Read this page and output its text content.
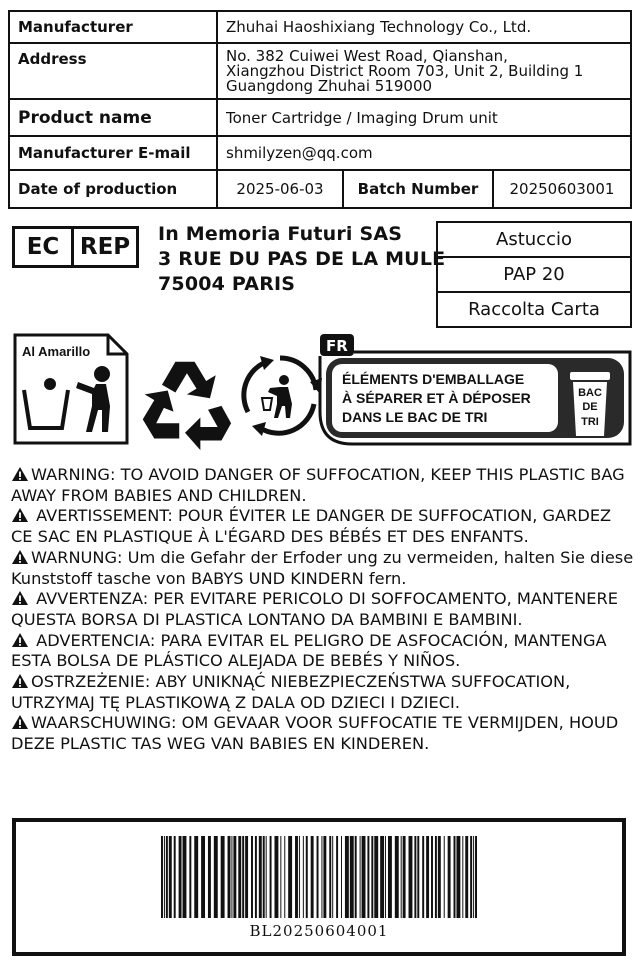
Manufacturer	Zhuhai Haoshixiang Technology Co., Ltd.		
Address	No. 382 Cuiwei West Road, Qianshan,
Xiangzhou District Room 703, Unit 2, Building 1
Guangdong Zhuhai 519000		

Product name	Toner Cartridge / Imaging Drum unit		
Manufacturer E-mail	shmilyzen@qq.com		
Date of production	2025-06-03	Batch Number	20250603001
EC REP	In Memoria Futuri SAS
3 RUE DU PAS DE LA MULE
75004 PARIS
Astuccio
PAP 20
Raccolta Carta
Al Amarillo	FR
ÉLÉMENTS D'EMBALLAGE
À SÉPARER ET À DÉPOSER
DANS LE BAC DE TRI
BAC
DE
TRI

WARNING: TO AVOID DANGER OF SUFFOCATION, KEEP THIS PLASTIC BAG AWAY FROM BABIES AND CHILDREN.

AVERTISSEMENT: POUR ÉVITER LE DANGER DE SUFFOCATION, GARDEZ CE SAC EN PLASTIQUE À L'ÉGARD DES BÉBÉS ET DES ENFANTS.

WARNUNG: Um die Gefahr der Erfoder ung zu vermeiden, halten Sie diese Kunststoff tasche von BABYS UND KINDERN fern.

AVVERTENZA: PER EVITARE PERICOLO DI SOFFOCAMENTO, MANTENERE QUESTA BORSA DI PLASTICA LONTANO DA BAMBINI E BAMBINI.

ADVERTENCIA: PARA EVITAR EL PELIGRO DE ASFOCACIÓN, MANTENGA ESTA BOLSA DE PLÁSTICO ALEJADA DE BEBÉS Y NIÑOS.

OSTRZEŻENIE: ABY UNIKNĄĆ NIEBEZPIECZEŃSTWA SUFFOCATION, UTRZYMAJ TĘ PLASTIKOWĄ Z DALA OD DZIECI I DZIECI.

WAARSCHUWING: OM GEVAAR VOOR SUFFOCATIE TE VERMIJDEN, HOUD DEZE PLASTIC TAS WEG VAN BABIES EN KINDEREN.

BL20250604001
